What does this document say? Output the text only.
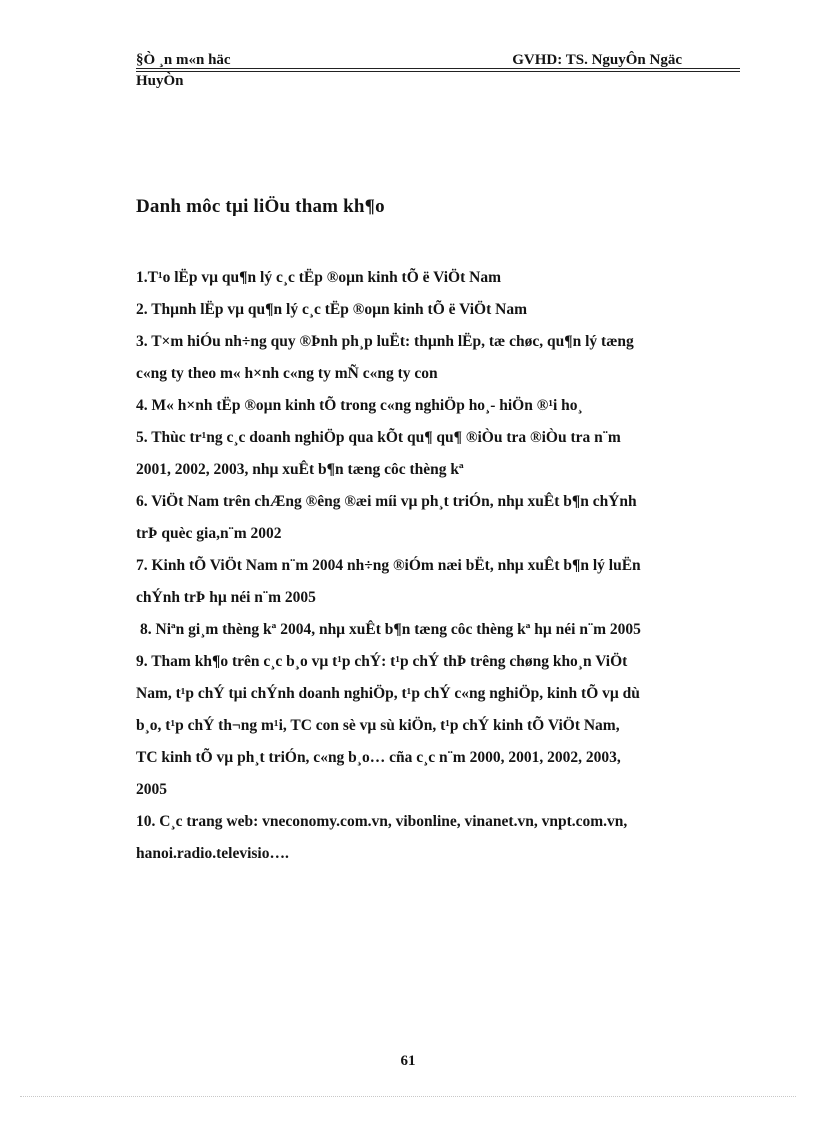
§Ò ¸n m«n häc	GVHD: TS. NguyÔn Ngäc
HuyÒn
Danh môc tµi liÖu tham kh¶o
1.T¹o lËp vµ qu¶n lý c¸c tËp ®oµn kinh tÕ ë ViÖt Nam
2. Thµnh lËp vµ qu¶n lý c¸c tËp ®oµn kinh tÕ ë ViÖt Nam
3. T×m hiÓu nh÷ng quy ®Þnh ph¸p luËt: thµnh lËp, tæ chøc, qu¶n lý tæng
c«ng ty theo m« h×nh c«ng ty mÑ c«ng ty con
4. M« h×nh tËp ®oµn kinh tÕ trong c«ng nghiÖp ho¸- hiÖn ®¹i ho¸
5. Thùc tr¹ng c¸c doanh nghiÖp qua kÕt qu¶ qu¶ ®iÒu tra ®iÒu tra n¨m
2001, 2002, 2003, nhµ xuÊt b¶n tæng côc thèng kª
6. ViÖt Nam trên chÆng ®êng ®æi míi vµ ph¸t triÓn, nhµ xuÊt b¶n chÝnh
trÞ quèc gia,n¨m 2002
7. Kinh tÕ ViÖt Nam n¨m 2004 nh÷ng ®iÓm næi bËt, nhµ xuÊt b¶n lý luËn
chÝnh trÞ hµ néi n¨m 2005
8. Niªn gi¸m thèng kª 2004, nhµ xuÊt b¶n tæng côc thèng kª hµ néi n¨m 2005
9. Tham kh¶o trên c¸c b¸o vµ t¹p chÝ: t¹p chÝ thÞ trêng chøng kho¸n ViÖt
Nam, t¹p chÝ tµi chÝnh doanh nghiÖp, t¹p chÝ c«ng nghiÖp, kinh tÕ vµ dù
b¸o, t¹p chÝ th¬ng m¹i, TC con sè vµ sù kiÖn, t¹p chÝ kinh tÕ ViÖt Nam,
TC kinh tÕ vµ ph¸t triÓn, c«ng b¸o… cña c¸c n¨m 2000, 2001, 2002, 2003,
2005
10. C¸c trang web: vneconomy.com.vn, vibonline, vinanet.vn, vnpt.com.vn,
hanoi.radio.televisio….
61
